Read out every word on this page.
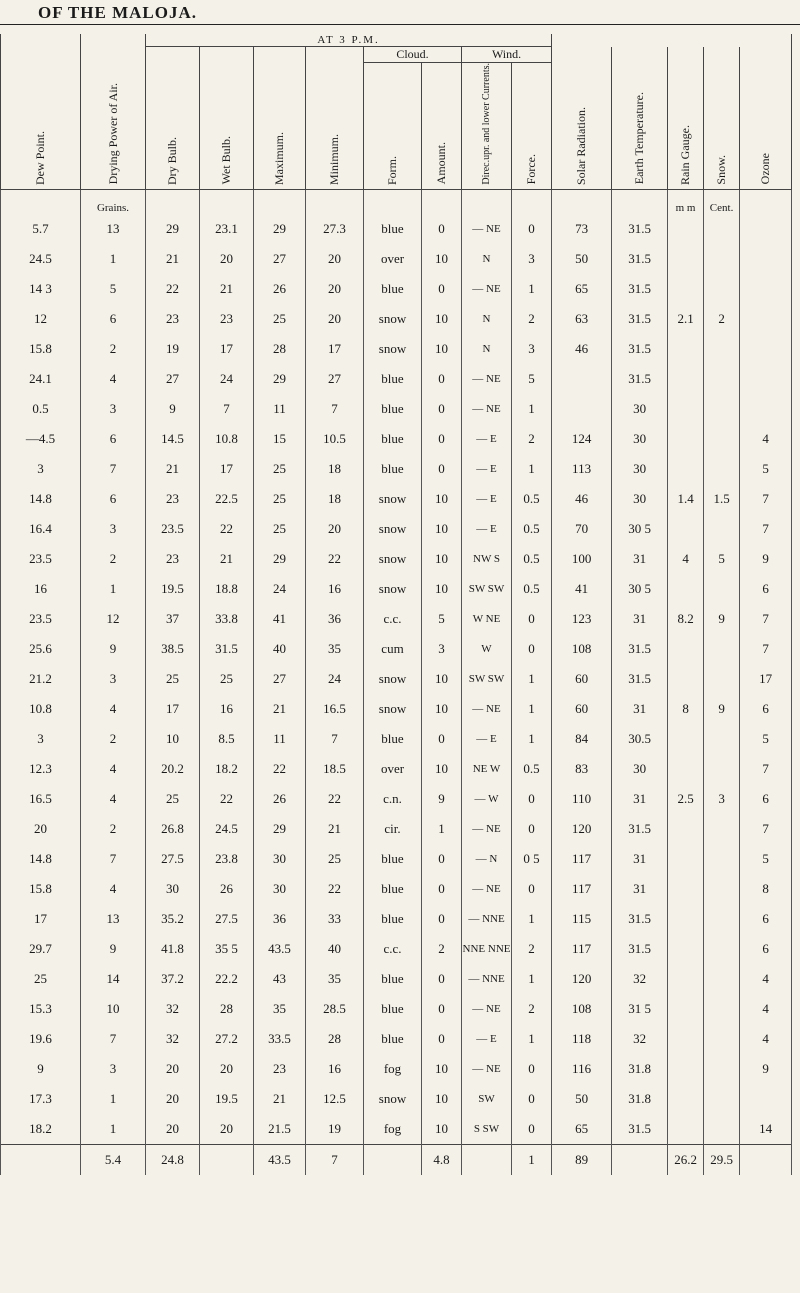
OF THE MALOJA.
		AT 3 P.M.												
						Cloud.		Wind.						

Dew Point.	Drying Power of Air.	Dry Bulb.	Wet Bulb.	Maximum.	Minimum.	Form.	Amount.	Direc.upr. and lower Currents.	Force.	Solar Radiation.	Earth Temperature.	Rain Gauge.	Snow.	Ozone

	Grains.											m m	Cent.	
5.7	13	29	23.1	29	27.3	blue	0	— NE	0	73	31.5			
24.5	1	21	20	27	20	over	10	N	3	50	31.5			
14 3	5	22	21	26	20	blue	0	— NE	1	65	31.5			
12	6	23	23	25	20	snow	10	N	2	63	31.5	2.1	2	
15.8	2	19	17	28	17	snow	10	N	3	46	31.5			
24.1	4	27	24	29	27	blue	0	— NE	5		31.5			
0.5	3	9	7	11	7	blue	0	— NE	1		30			
—4.5	6	14.5	10.8	15	10.5	blue	0	— E	2	124	30			4
3	7	21	17	25	18	blue	0	— E	1	113	30			5
14.8	6	23	22.5	25	18	snow	10	— E	0.5	46	30	1.4	1.5	7
16.4	3	23.5	22	25	20	snow	10	— E	0.5	70	30 5			7
23.5	2	23	21	29	22	snow	10	NW S	0.5	100	31	4	5	9
16	1	19.5	18.8	24	16	snow	10	SW SW	0.5	41	30 5			6
23.5	12	37	33.8	41	36	c.c.	5	W NE	0	123	31	8.2	9	7
25.6	9	38.5	31.5	40	35	cum	3	W	0	108	31.5			7
21.2	3	25	25	27	24	snow	10	SW SW	1	60	31.5			17
10.8	4	17	16	21	16.5	snow	10	— NE	1	60	31	8	9	6
3	2	10	8.5	11	7	blue	0	— E	1	84	30.5			5
12.3	4	20.2	18.2	22	18.5	over	10	NE W	0.5	83	30			7
16.5	4	25	22	26	22	c.n.	9	— W	0	110	31	2.5	3	6
20	2	26.8	24.5	29	21	cir.	1	— NE	0	120	31.5			7
14.8	7	27.5	23.8	30	25	blue	0	— N	0 5	117	31			5
15.8	4	30	26	30	22	blue	0	— NE	0	117	31			8
17	13	35.2	27.5	36	33	blue	0	— NNE	1	115	31.5			6
29.7	9	41.8	35 5	43.5	40	c.c.	2	NNE NNE	2	117	31.5			6
25	14	37.2	22.2	43	35	blue	0	— NNE	1	120	32			4
15.3	10	32	28	35	28.5	blue	0	— NE	2	108	31 5			4
19.6	7	32	27.2	33.5	28	blue	0	— E	1	118	32			4
9	3	20	20	23	16	fog	10	— NE	0	116	31.8			9
17.3	1	20	19.5	21	12.5	snow	10	SW	0	50	31.8			
18.2	1	20	20	21.5	19	fog	10	S SW	0	65	31.5			14
	5.4	24.8		43.5	7		4.8		1	89		26.2	29.5	
